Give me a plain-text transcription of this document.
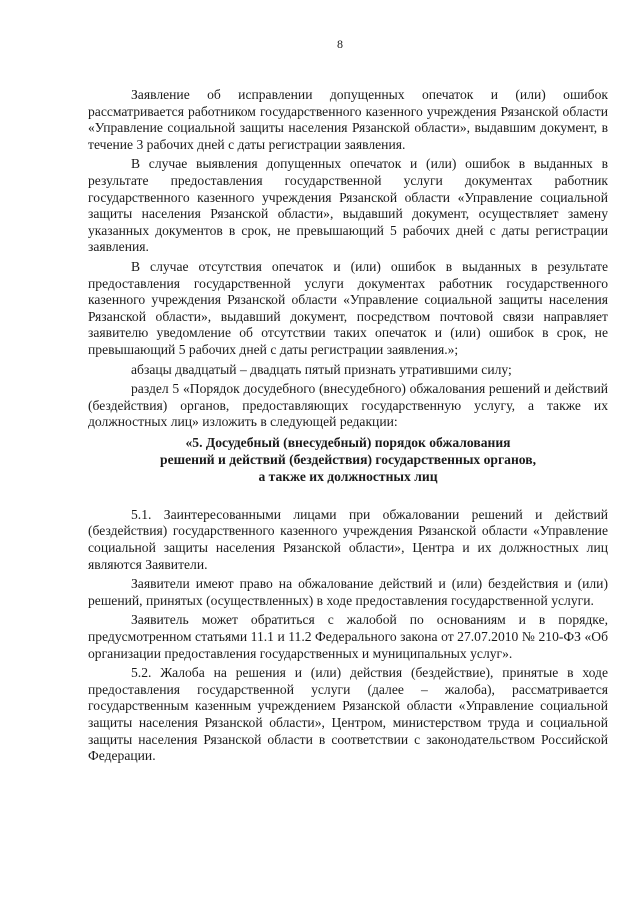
8

Заявление об исправлении допущенных опечаток и (или) ошибок рассматривается работником государственного казенного учреждения Рязанской области «Управление социальной защиты населения Рязанской области», выдавшим документ, в течение 3 рабочих дней с даты регистрации заявления.

В случае выявления допущенных опечаток и (или) ошибок в выданных в результате предоставления государственной услуги документах работник государственного казенного учреждения Рязанской области «Управление социальной защиты населения Рязанской области», выдавший документ, осуществляет замену указанных документов в срок, не превышающий 5 рабочих дней с даты регистрации заявления.

В случае отсутствия опечаток и (или) ошибок в выданных в результате предоставления государственной услуги документах работник государственного казенного учреждения Рязанской области «Управление социальной защиты населения Рязанской области», выдавший документ, посредством почтовой связи направляет заявителю уведомление об отсутствии таких опечаток и (или) ошибок в срок, не превышающий 5 рабочих дней с даты регистрации заявления.»;

абзацы двадцатый – двадцать пятый признать утратившими силу;

раздел 5 «Порядок досудебного (внесудебного) обжалования решений и действий (бездействия) органов, предоставляющих государственную услугу, а также их должностных лиц» изложить в следующей редакции:

«5. Досудебный (внесудебный) порядок обжалования

решений и действий (бездействия) государственных органов,

а также их должностных лиц

5.1. Заинтересованными лицами при обжаловании решений и действий (бездействия) государственного казенного учреждения Рязанской области «Управление социальной защиты населения Рязанской области», Центра и их должностных лиц являются Заявители.

Заявители имеют право на обжалование действий и (или) бездействия и (или) решений, принятых (осуществленных) в ходе предоставления государственной услуги.

Заявитель может обратиться с жалобой по основаниям и в порядке, предусмотренном статьями 11.1 и 11.2 Федерального закона от 27.07.2010 № 210-ФЗ «Об организации предоставления государственных и муниципальных услуг».

5.2. Жалоба на решения и (или) действия (бездействие), принятые в ходе предоставления государственной услуги (далее – жалоба), рассматривается государственным казенным учреждением Рязанской области «Управление социальной защиты населения Рязанской области», Центром, министерством труда и социальной защиты населения Рязанской области в соответствии с законодательством Российской Федерации.
